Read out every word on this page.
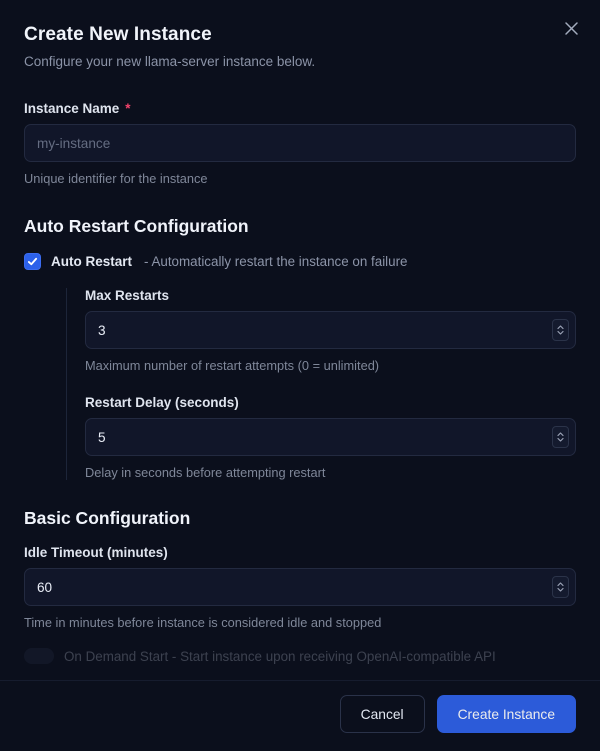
Create New Instance

Configure your new llama-server instance below.

Instance Name *
my-instance
Unique identifier for the instance
Auto Restart Configuration
Auto Restart - Automatically restart the instance on failure
Max Restarts
3
Maximum number of restart attempts (0 = unlimited)
Restart Delay (seconds)
5
Delay in seconds before attempting restart
Basic Configuration
Idle Timeout (minutes)
60
Time in minutes before instance is considered idle and stopped
On Demand Start - Start instance upon receiving OpenAI-compatible API
Cancel	Create Instance
